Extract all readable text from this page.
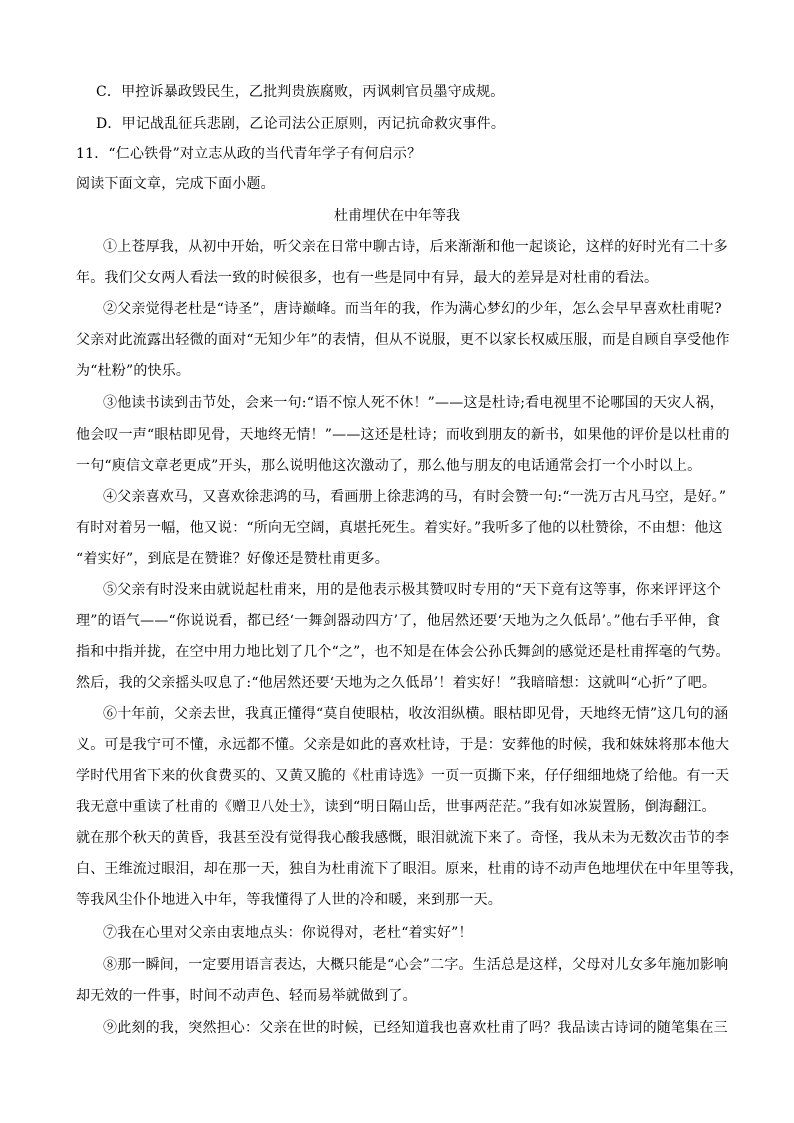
C．甲控诉暴政毁民生，乙批判贵族腐败，丙讽刺官员墨守成规。
D．甲记战乱征兵悲剧，乙论司法公正原则，丙记抗命救灾事件。
11．“仁心铁骨”对立志从政的当代青年学子有何启示？
阅读下面文章，完成下面小题。
杜甫埋伏在中年等我
①上苍厚我，从初中开始，听父亲在日常中聊古诗，后来渐渐和他一起谈论，这样的好时光有二十多
年。我们父女两人看法一致的时候很多，也有一些是同中有异，最大的差异是对杜甫的看法。
②父亲觉得老杜是“诗圣”，唐诗巅峰。而当年的我，作为满心梦幻的少年，怎么会早早喜欢杜甫呢?
父亲对此流露出轻微的面对“无知少年”的表情，但从不说服，更不以家长权威压服，而是自顾自享受他作
为“杜粉”的快乐。
③他读书读到击节处，会来一句:“语不惊人死不休！”——这是杜诗;看电视里不论哪国的天灾人祸，
他会叹一声“眼枯即见骨，天地终无情！”——这还是杜诗；而收到朋友的新书，如果他的评价是以杜甫的
一句“庾信文章老更成”开头，那么说明他这次激动了，那么他与朋友的电话通常会打一个小时以上。
④父亲喜欢马，又喜欢徐悲鸿的马，看画册上徐悲鸿的马，有时会赞一句:“一洗万古凡马空，是好。”
有时对着另一幅，他又说：“所向无空阔，真堪托死生。着实好。”我听多了他的以杜赞徐，不由想：他这
“着实好”，到底是在赞谁？好像还是赞杜甫更多。
⑤父亲有时没来由就说起杜甫来，用的是他表示极其赞叹时专用的“天下竟有这等事，你来评评这个
理”的语气——“你说说看，都已经‘一舞剑器动四方’了，他居然还要‘天地为之久低昂’。”他右手平伸，食
指和中指并拢，在空中用力地比划了几个“之”，也不知是在体会公孙氏舞剑的感觉还是杜甫挥毫的气势。
然后，我的父亲摇头叹息了:“他居然还要‘天地为之久低昂’！着实好！”我暗暗想：这就叫“心折”了吧。
⑥十年前，父亲去世，我真正懂得“莫自使眼枯，收汝泪纵横。眼枯即见骨，天地终无情”这几句的涵
义。可是我宁可不懂，永远都不懂。父亲是如此的喜欢杜诗，于是：安葬他的时候，我和妹妹将那本他大
学时代用省下来的伙食费买的、又黄又脆的《杜甫诗选》一页一页撕下来，仔仔细细地烧了给他。有一天
我无意中重读了杜甫的《赠卫八处士》，读到“明日隔山岳，世事两茫茫。”我有如冰炭置肠，倒海翻江。
就在那个秋天的黄昏，我甚至没有觉得我心酸我感慨，眼泪就流下来了。奇怪，我从未为无数次击节的李
白、王维流过眼泪，却在那一天，独自为杜甫流下了眼泪。原来，杜甫的诗不动声色地埋伏在中年里等我，
等我风尘仆仆地进入中年，等我懂得了人世的冷和暖，来到那一天。
⑦我在心里对父亲由衷地点头：你说得对，老杜“着实好”！
⑧那一瞬间，一定要用语言表达，大概只能是“心会”二字。生活总是这样，父母对儿女多年施加影响
却无效的一件事，时间不动声色、轻而易举就做到了。
⑨此刻的我，突然担心：父亲在世的时候，已经知道我也喜欢杜甫了吗？我品读古诗词的随笔集在三
